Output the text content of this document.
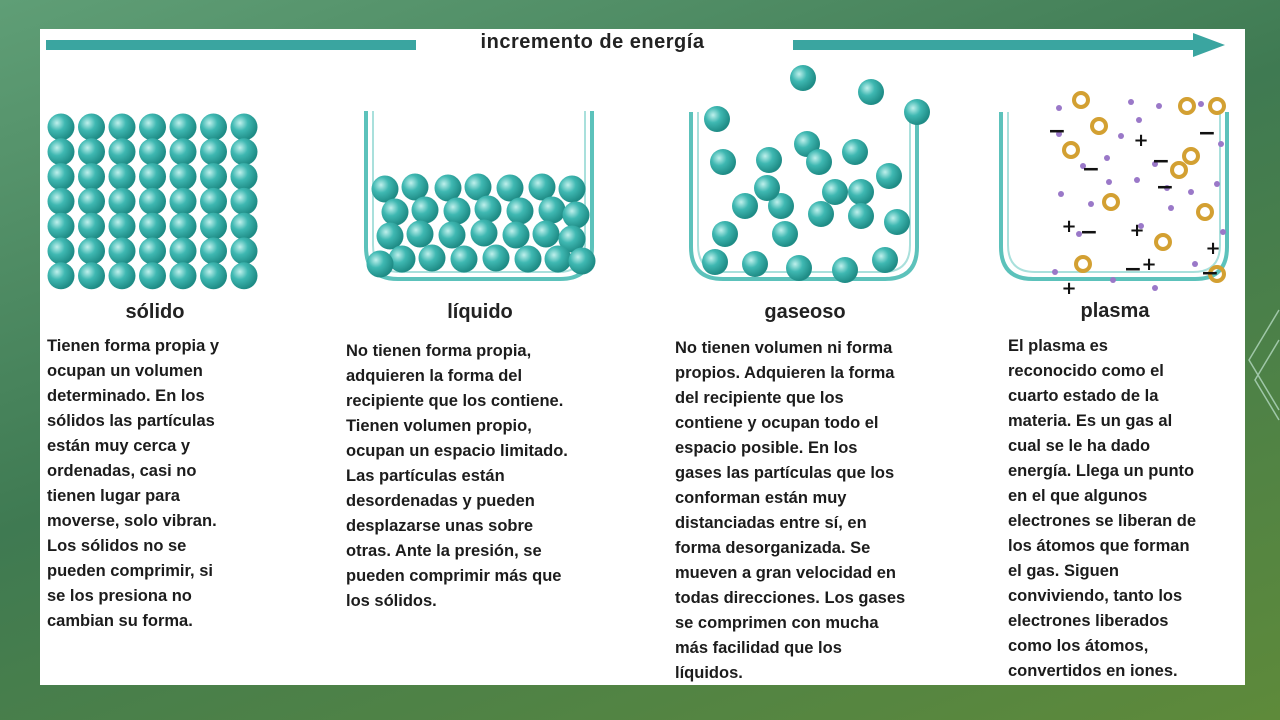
incremento de energía
sólido
Tienen forma propia y
ocupan un volumen
determinado. En los
sólidos las partículas
están muy cerca y
ordenadas, casi no
tienen lugar para
moverse, solo vibran.
Los sólidos no se
pueden comprimir, si
se los presiona no
cambian su forma.
líquido
No tienen forma propia,
adquieren la forma del
recipiente que los contiene.
Tienen volumen propio,
ocupan un espacio limitado.
Las partículas están
desordenadas y pueden
desplazarse unas sobre
otras. Ante la presión, se
pueden comprimir más que
los sólidos.
gaseoso
No tienen volumen ni forma
propios. Adquieren la forma
del recipiente que los
contiene y ocupan todo el
espacio posible. En los
gases las partículas que los
conforman están muy
distanciadas entre sí, en
forma desorganizada. Se
mueven a gran velocidad en
todas direcciones. Los gases
se comprimen con mucha
más facilidad que los
líquidos.
−
−
−
−
−
−	−
−
+
+	+
+
+
+
plasma
El plasma es
reconocido como el
cuarto estado de la
materia. Es un gas al
cual se le ha dado
energía. Llega un punto
en el que algunos
electrones se liberan de
los átomos que forman
el gas. Siguen
conviviendo, tanto los
electrones liberados
como los átomos,
convertidos en iones.
